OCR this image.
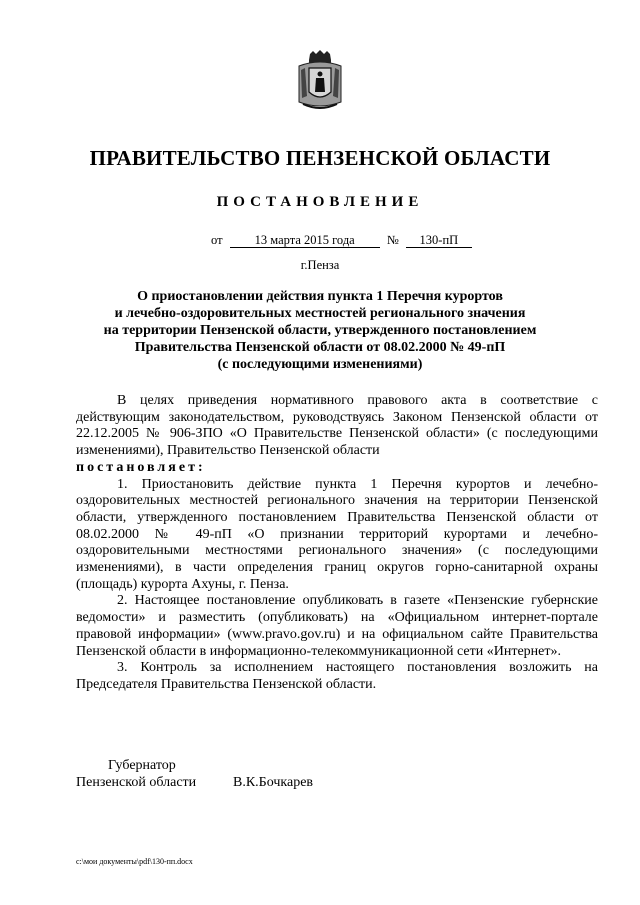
ПРАВИТЕЛЬСТВО ПЕНЗЕНСКОЙ ОБЛАСТИ
ПОСТАНОВЛЕНИЕ
от	13 марта 2015 года	№ 130-пП
г.Пенза
О приостановлении действия пункта 1 Перечня курортов
и лечебно-оздоровительных местностей регионального значения
на территории Пензенской области, утвержденного постановлением
Правительства Пензенской области от 08.02.2000 № 49-пП
(с последующими изменениями)

В целях приведения нормативного правового акта в соответствие с действующим законодательством, руководствуясь Законом Пензенской области от 22.12.2005 № 906-ЗПО «О Правительстве Пензенской области» (с последующими изменениями), Правительство Пензенской области

постановляет:

1. Приостановить действие пункта 1 Перечня курортов и лечебно-оздоровительных местностей регионального значения на территории Пензенской области, утвержденного постановлением Правительства Пензенской области от 08.02.2000 № 49-пП «О признании территорий курортами и лечебно-оздоровительными местностями регионального значения» (с последующими изменениями), в части определения границ округов горно-санитарной охраны (площадь) курорта Ахуны, г. Пенза.

2. Настоящее постановление опубликовать в газете «Пензенские губернские ведомости» и разместить (опубликовать) на «Официальном интернет-портале правовой информации» (www.pravo.gov.ru) и на официальном сайте Правительства Пензенской области в информационно-телекоммуникационной сети «Интернет».

3. Контроль за исполнением настоящего постановления возложить на Председателя Правительства Пензенской области.

Губернатор
Пензенской области	В.К.Бочкарев
c:\мои документы\pdf\130-пп.docx
